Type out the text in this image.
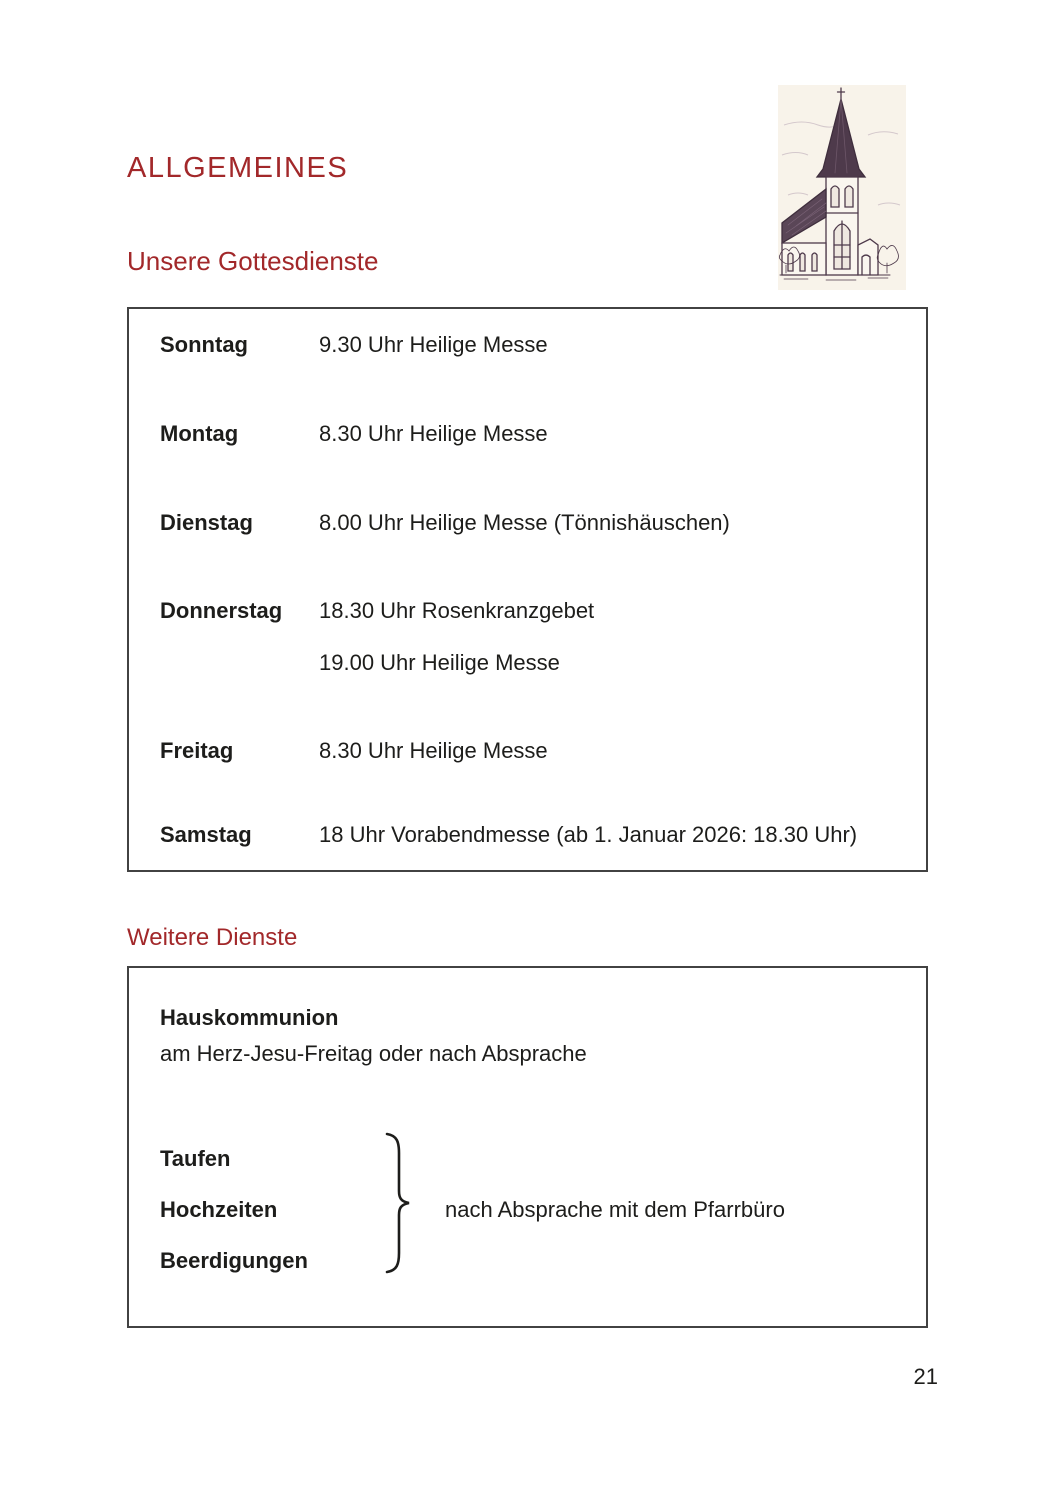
ALLGEMEINES
Unsere Gottesdienste
Sonntag	9.30 Uhr Heilige Messe
Montag	8.30 Uhr Heilige Messe
Dienstag	8.00 Uhr Heilige Messe (Tönnishäuschen)
Donnerstag	18.30 Uhr Rosenkranzgebet
19.00 Uhr Heilige Messe
Freitag	8.30 Uhr Heilige Messe
Samstag	18 Uhr Vorabendmesse (ab 1. Januar 2026: 18.30 Uhr)
Weitere Dienste
Hauskommunion
am Herz-Jesu-Freitag oder nach Absprache
Taufen
Hochzeiten
Beerdigungen
nach Absprache mit dem Pfarrbüro
21
